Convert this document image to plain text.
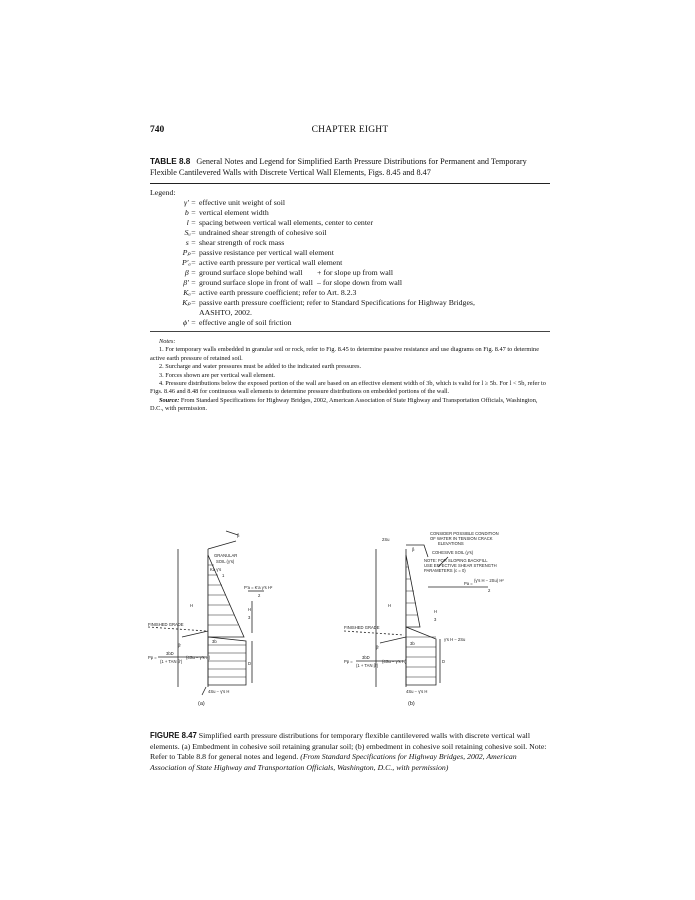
740	CHAPTER EIGHT
TABLE 8.8 General Notes and Legend for Simplified Earth Pressure Distributions for Permanent and Temporary Flexible Cantilevered Walls with Discrete Vertical Wall Elements, Figs. 8.45 and 8.47
Legend:
γ′ = effective unit weight of soil
b = vertical element width
l = spacing between vertical wall elements, center to center
Sᵤ= undrained shear strength of cohesive soil
s = shear strength of rock mass
Pₚ= passive resistance per vertical wall element
P′ₐ= active earth pressure per vertical wall element
β = ground surface slope behind wall + for slope up from wall
β′ = ground surface slope in front of wall – for slope down from wall
Kₐ= active earth pressure coefficient; refer to Art. 8.2.3
Kₚ= passive earth pressure coefficient; refer to Standard Specifications for Highway Bridges,
AASHTO, 2002.
ϕ′ = effective angle of soil friction
Notes:

1. For temporary walls embedded in granular soil or rock, refer to Fig. 8.45 to determine passive resistance and use diagrams on Fig. 8.47 to determine active earth pressure of retained soil.

2. Surcharge and water pressures must be added to the indicated earth pressures.

3. Forces shown are per vertical wall element.

4. Pressure distributions below the exposed portion of the wall are based on an effective element width of 3b, which is valid for l ≥ 5b. For l < 5b, refer to Figs. 8.46 and 8.48 for continuous wall elements to determine pressure distributions on embedded portions of the wall.

Source: From Standard Specifications for Highway Bridges, 2002, American Association of State Highway and Transportation Officials, Washington, D.C., with permission.

GRANULAR
SOIL (γ′s)
β
Ka γ′s
1
P′a = K′a γ′s H²
2
H
H
3
FINISHED GRADE
β′
D
3b
Pp =
3bD
(1 + TAN β′)
(4Su − γ′s H)
4Su − γ′s H
(a)
2Su
CONSIDER POSSIBLE CONDITION
OF WATER IN TENSION CRACK
ELEVATIONS
COHESIVE SOIL (γ′s)
NOTE: FOR SLOPING BACKFILL
USE EFFECTIVE SHEAR STRENGTH
PARAMETERS (c = 0)
β
Pa =
(γ′s H − 2Su) H²
2
H
H
3
FINISHED GRADE
β′
D
3b
Pp =
3bD
(1 + TAN β′)
(4Su − γ′s H)
γ′s H − 2Su
4Su − γ′s H
(b)
FIGURE 8.47 Simplified earth pressure distributions for temporary flexible cantilevered walls with discrete vertical wall elements. (a) Embedment in cohesive soil retaining granular soil; (b) embedment in cohesive soil retaining cohesive soil. Note: Refer to Table 8.8 for general notes and legend. (From Standard Specifications for Highway Bridges, 2002, American Association of State Highway and Transportation Officials, Washington, D.C., with permission)
